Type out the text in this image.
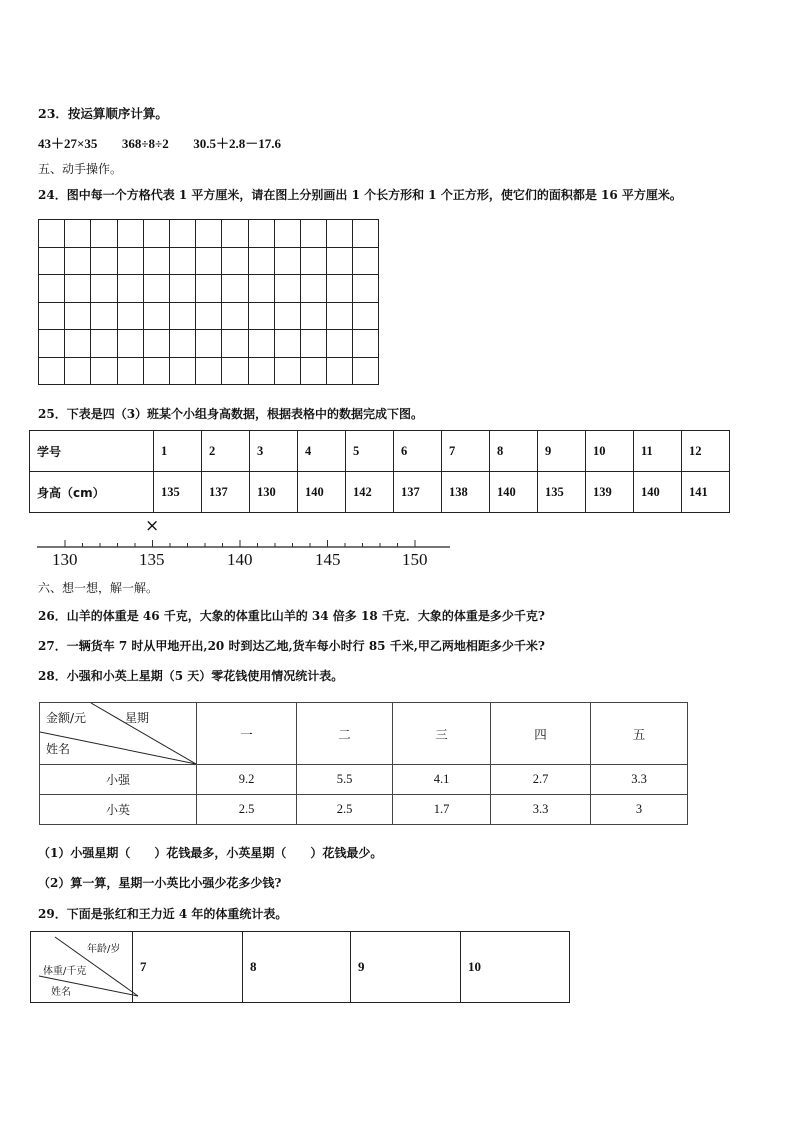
23．按运算顺序计算。
43＋27×35 368÷8÷2 30.5＋2.8－17.6
五、动手操作。
24．图中每一个方格代表 1 平方厘米，请在图上分别画出 1 个长方形和 1 个正方形，使它们的面积都是 16 平方厘米。

25．下表是四（3）班某个小组身高数据，根据表格中的数据完成下图。
学号	1	2	3	4	5	6	7	8	9	10	11	12
身高（cm）	135	137	130	140	142	137	138	140	135	139	140	141
130	135	140	145	150
×
六、想一想，解一解。
26．山羊的体重是 46 千克，大象的体重比山羊的 34 倍多 18 千克．大象的体重是多少千克?
27．一辆货车 7 时从甲地开出,20 时到达乙地,货车每小时行 85 千米,甲乙两地相距多少千米?
28．小强和小英上星期（5 天）零花钱使用情况统计表。
金额/元 星期
姓名	一	二	三	四	五
小强	9.2	5.5	4.1	2.7	3.3
小英	2.5	2.5	1.7	3.3	3
（1）小强星期（　　）花钱最多，小英星期（　　）花钱最少。
（2）算一算，星期一小英比小强少花多少钱?
29．下面是张红和王力近 4 年的体重统计表。
年龄/岁
体重/千克
姓名
	7	8	9	10
